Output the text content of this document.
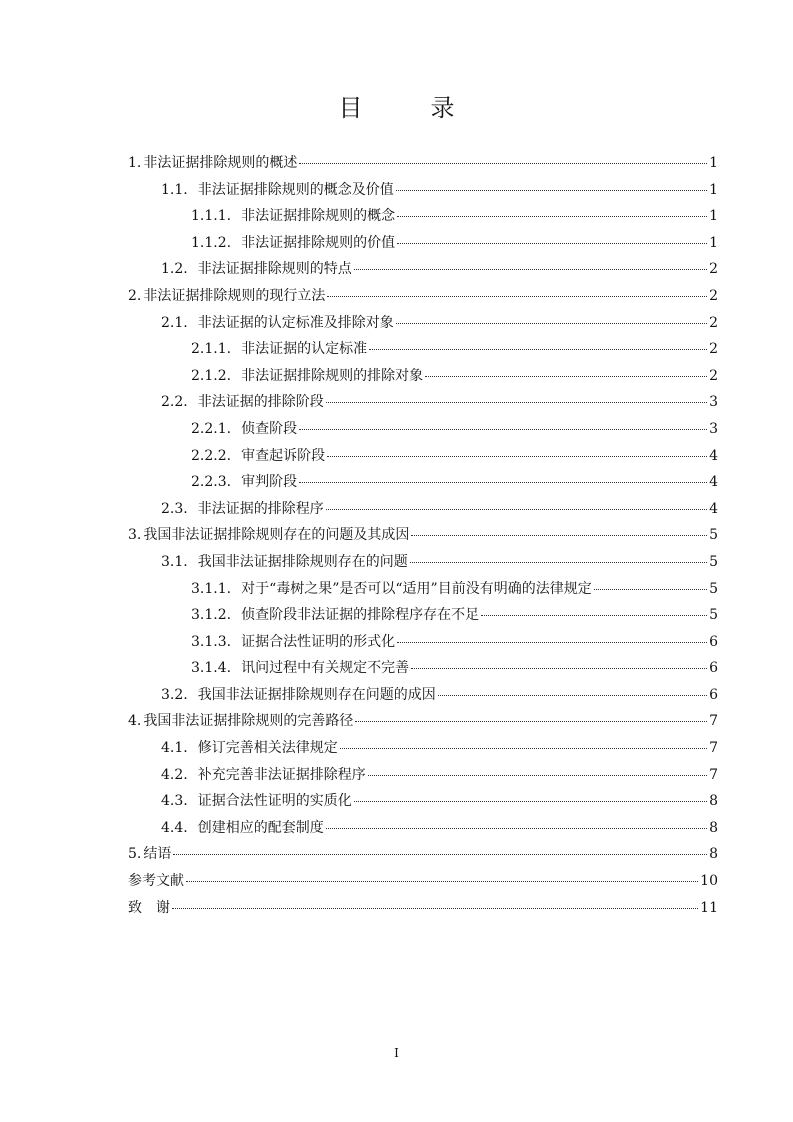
目　录
1. 非法证据排除规则的概述	1
1.1. 非法证据排除规则的概念及价值	1
1.1.1. 非法证据排除规则的概念	1
1.1.2. 非法证据排除规则的价值	1
1.2. 非法证据排除规则的特点	2
2. 非法证据排除规则的现行立法	2
2.1. 非法证据的认定标准及排除对象	2
2.1.1. 非法证据的认定标准	2
2.1.2. 非法证据排除规则的排除对象	2
2.2. 非法证据的排除阶段	3
2.2.1. 侦查阶段	3
2.2.2. 审查起诉阶段	4
2.2.3. 审判阶段	4
2.3. 非法证据的排除程序	4
3. 我国非法证据排除规则存在的问题及其成因	5
3.1. 我国非法证据排除规则存在的问题	5
3.1.1. 对于“毒树之果”是否可以“适用”目前没有明确的法律规定	5
3.1.2. 侦查阶段非法证据的排除程序存在不足	5
3.1.3. 证据合法性证明的形式化	6
3.1.4. 讯问过程中有关规定不完善	6
3.2. 我国非法证据排除规则存在问题的成因	6
4. 我国非法证据排除规则的完善路径	7
4.1. 修订完善相关法律规定	7
4.2. 补充完善非法证据排除程序	7
4.3. 证据合法性证明的实质化	8
4.4. 创建相应的配套制度	8
5. 结语	8
参考文献	10
致　谢	11
I
